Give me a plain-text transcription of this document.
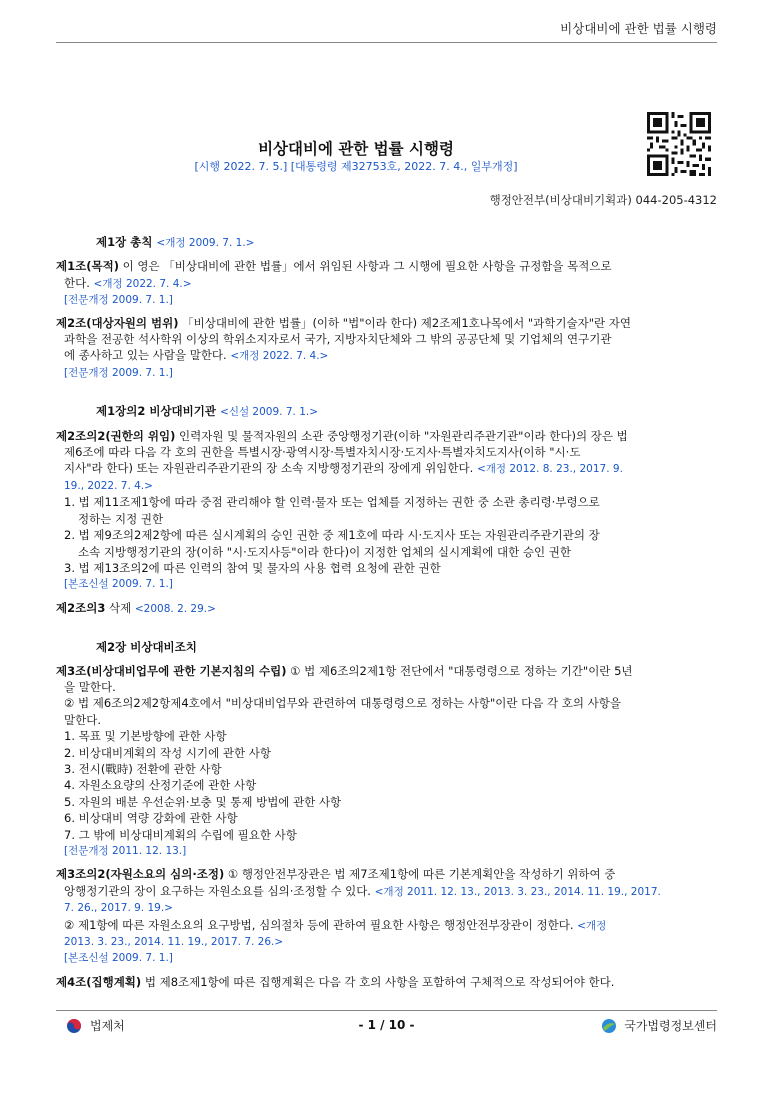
비상대비에 관한 법률 시행령
비상대비에 관한 법률 시행령
[시행 2022. 7. 5.] [대통령령 제32753호, 2022. 7. 4., 일부개정]
행정안전부(비상대비기획과) 044-205-4312
제1장 총칙 <개정 2009. 7. 1.>
제1조(목적) 이 영은 「비상대비에 관한 법률」에서 위임된 사항과 그 시행에 필요한 사항을 규정함을 목적으로
한다. <개정 2022. 7. 4.>
[전문개정 2009. 7. 1.]
제2조(대상자원의 범위) 「비상대비에 관한 법률」(이하 "법"이라 한다) 제2조제1호나목에서 "과학기술자"란 자연
과학을 전공한 석사학위 이상의 학위소지자로서 국가, 지방자치단체와 그 밖의 공공단체 및 기업체의 연구기관
에 종사하고 있는 사람을 말한다. <개정 2022. 7. 4.>
[전문개정 2009. 7. 1.]
제1장의2 비상대비기관 <신설 2009. 7. 1.>
제2조의2(권한의 위임) 인력자원 및 물적자원의 소관 중앙행정기관(이하 "자원관리주관기관"이라 한다)의 장은 법
제6조에 따라 다음 각 호의 권한을 특별시장·광역시장·특별자치시장·도지사·특별자치도지사(이하 "시·도
지사"라 한다) 또는 자원관리주관기관의 장 소속 지방행정기관의 장에게 위임한다. <개정 2012. 8. 23., 2017. 9.
19., 2022. 7. 4.>
1. 법 제11조제1항에 따라 중점 관리해야 할 인력·물자 또는 업체를 지정하는 권한 중 소관 총리령·부령으로
정하는 지정 권한
2. 법 제9조의2제2항에 따른 실시계획의 승인 권한 중 제1호에 따라 시·도지사 또는 자원관리주관기관의 장
소속 지방행정기관의 장(이하 "시·도지사등"이라 한다)이 지정한 업체의 실시계획에 대한 승인 권한
3. 법 제13조의2에 따른 인력의 참여 및 물자의 사용 협력 요청에 관한 권한
[본조신설 2009. 7. 1.]
제2조의3 삭제 <2008. 2. 29.>
제2장 비상대비조치
제3조(비상대비업무에 관한 기본지침의 수립) ① 법 제6조의2제1항 전단에서 "대통령령으로 정하는 기간"이란 5년
을 말한다.
② 법 제6조의2제2항제4호에서 "비상대비업무와 관련하여 대통령령으로 정하는 사항"이란 다음 각 호의 사항을
말한다.
1. 목표 및 기본방향에 관한 사항
2. 비상대비계획의 작성 시기에 관한 사항
3. 전시(戰時) 전환에 관한 사항
4. 자원소요량의 산정기준에 관한 사항
5. 자원의 배분 우선순위·보충 및 통제 방법에 관한 사항
6. 비상대비 역량 강화에 관한 사항
7. 그 밖에 비상대비계획의 수립에 필요한 사항
[전문개정 2011. 12. 13.]
제3조의2(자원소요의 심의·조정) ① 행정안전부장관은 법 제7조제1항에 따른 기본계획안을 작성하기 위하여 중
앙행정기관의 장이 요구하는 자원소요를 심의·조정할 수 있다. <개정 2011. 12. 13., 2013. 3. 23., 2014. 11. 19., 2017.
7. 26., 2017. 9. 19.>
② 제1항에 따른 자원소요의 요구방법, 심의절차 등에 관하여 필요한 사항은 행정안전부장관이 정한다. <개정
2013. 3. 23., 2014. 11. 19., 2017. 7. 26.>
[본조신설 2009. 7. 1.]
제4조(집행계획) 법 제8조제1항에 따른 집행계획은 다음 각 호의 사항을 포함하여 구체적으로 작성되어야 한다.
법제처	- 1 / 10 -	국가법령정보센터
